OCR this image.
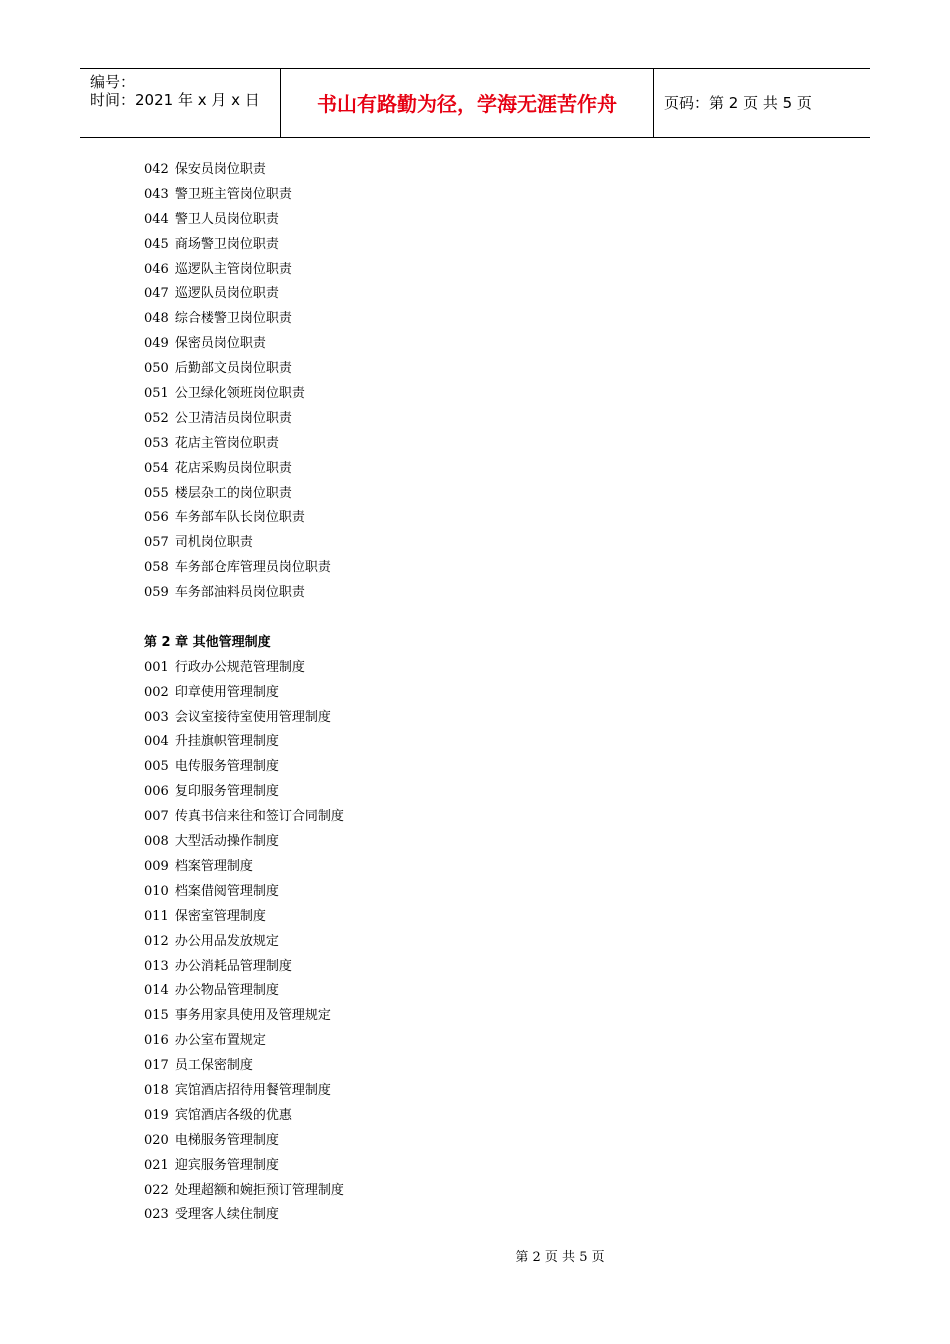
编号：
时间：2021 年 x 月 x 日	书山有路勤为径，学海无涯苦作舟	页码：第 2 页 共 5 页
042 保安员岗位职责
043 警卫班主管岗位职责
044 警卫人员岗位职责
045 商场警卫岗位职责
046 巡逻队主管岗位职责
047 巡逻队员岗位职责
048 综合楼警卫岗位职责
049 保密员岗位职责
050 后勤部文员岗位职责
051 公卫绿化领班岗位职责
052 公卫清洁员岗位职责
053 花店主管岗位职责
054 花店采购员岗位职责
055 楼层杂工的岗位职责
056 车务部车队长岗位职责
057 司机岗位职责
058 车务部仓库管理员岗位职责
059 车务部油料员岗位职责
第 2 章 其他管理制度
001 行政办公规范管理制度
002 印章使用管理制度
003 会议室接待室使用管理制度
004 升挂旗帜管理制度
005 电传服务管理制度
006 复印服务管理制度
007 传真书信来往和签订合同制度
008 大型活动操作制度
009 档案管理制度
010 档案借阅管理制度
011 保密室管理制度
012 办公用品发放规定
013 办公消耗品管理制度
014 办公物品管理制度
015 事务用家具使用及管理规定
016 办公室布置规定
017 员工保密制度
018 宾馆酒店招待用餐管理制度
019 宾馆酒店各级的优惠
020 电梯服务管理制度
021 迎宾服务管理制度
022 处理超额和婉拒预订管理制度
023 受理客人续住制度
第 2 页 共 5 页
